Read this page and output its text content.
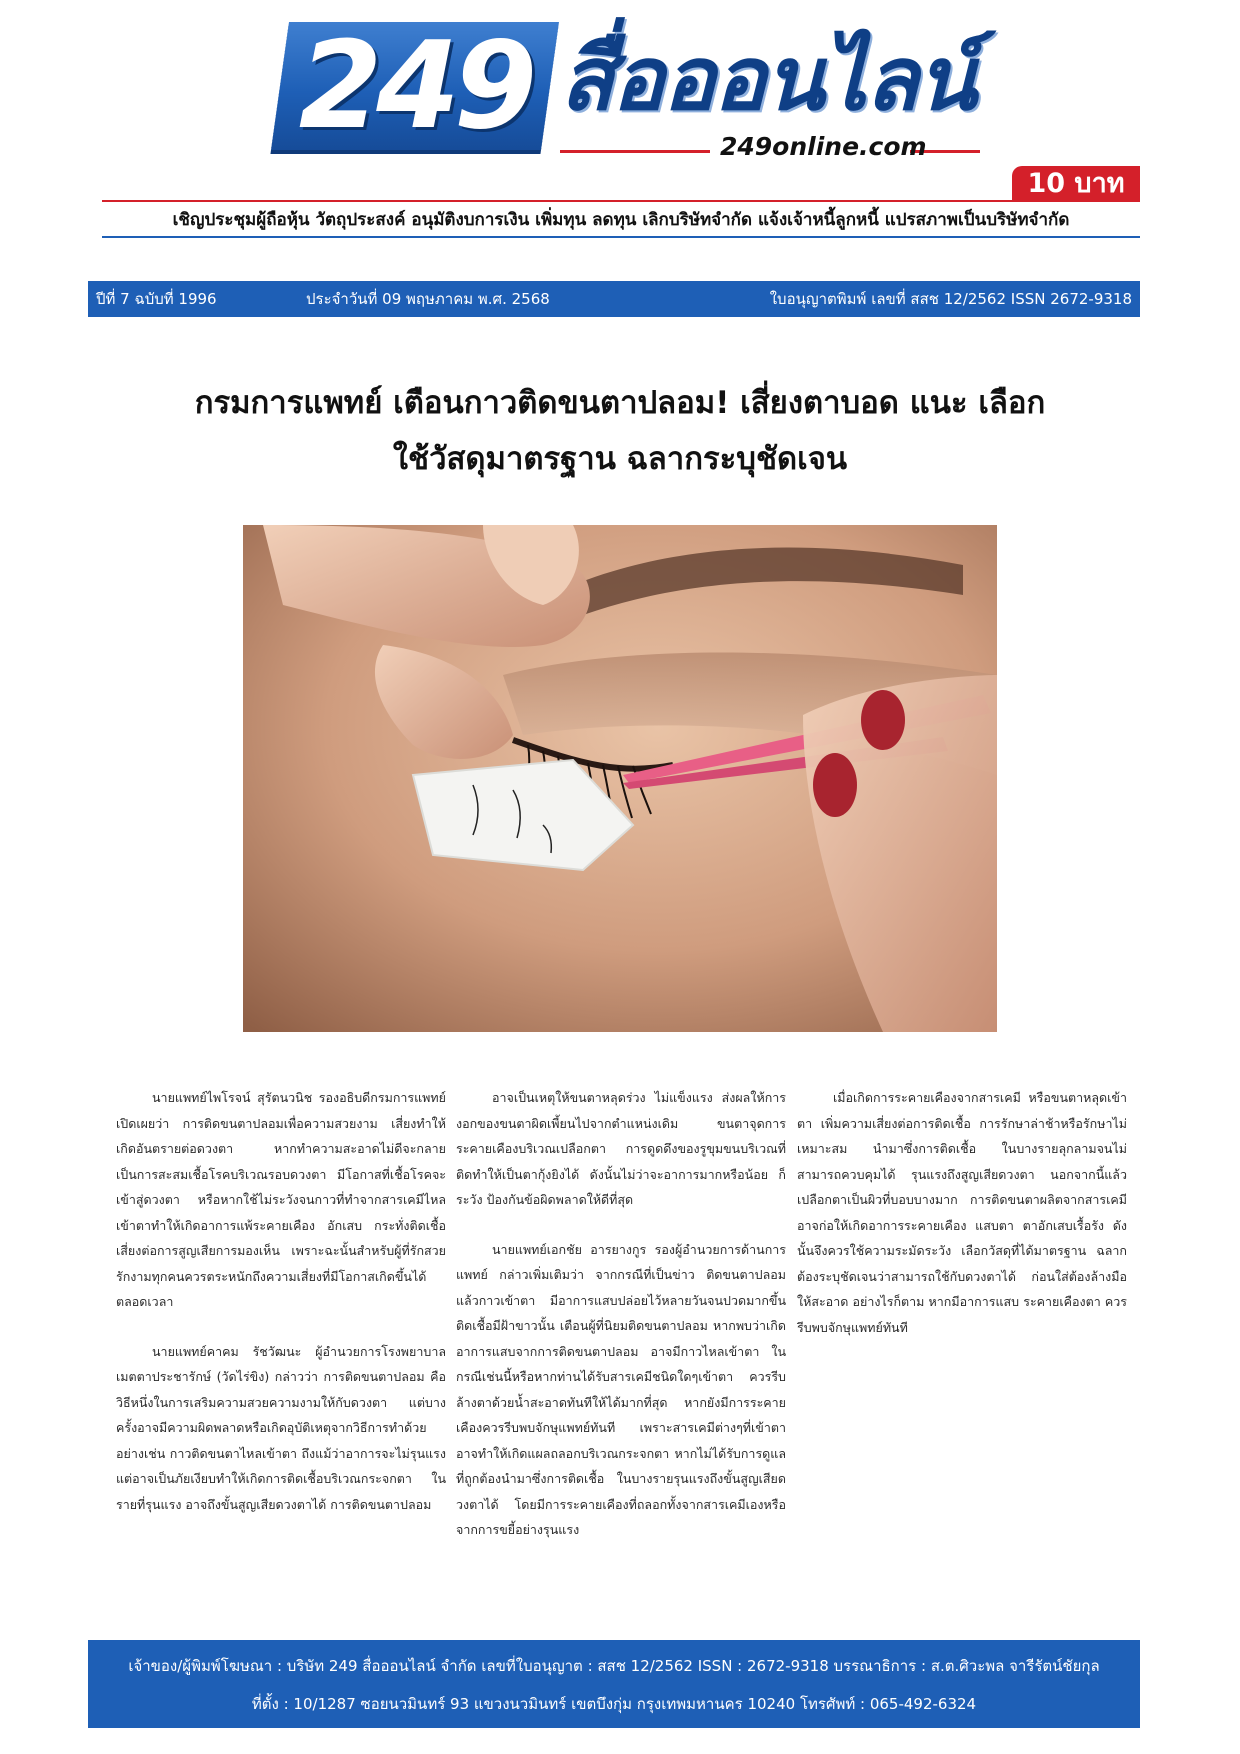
249 สื่อออนไลน์
249online.com
10 บาท
เชิญประชุมผู้ถือหุ้น วัตถุประสงค์ อนุมัติงบการเงิน เพิ่มทุน ลดทุน เลิกบริษัทจำกัด แจ้งเจ้าหนี้ลูกหนี้ แปรสภาพเป็นบริษัทจำกัด
ปีที่ 7 ฉบับที่ 1996	ประจำวันที่ 09 พฤษภาคม พ.ศ. 2568	ใบอนุญาตพิมพ์ เลขที่ สสช 12/2562 ISSN 2672-9318
กรมการแพทย์ เตือนกาวติดขนตาปลอม! เสี่ยงตาบอด แนะ เลือก
ใช้วัสดุมาตรฐาน ฉลากระบุชัดเจน

นายแพทย์ไพโรจน์ สุรัตนวนิช รองอธิบดีกรมการแพทย์ เปิดเผยว่า การติดขนตาปลอมเพื่อความสวยงาม เสี่ยงทำให้เกิดอันตรายต่อดวงตา หากทำความสะอาดไม่ดีจะกลายเป็นการสะสมเชื้อโรคบริเวณรอบดวงตา มีโอกาสที่เชื้อโรคจะเข้าสู่ดวงตา หรือหากใช้ไม่ระวังจนกาวที่ทำจากสารเคมีไหลเข้าตาทำให้เกิดอาการแพ้ระคายเคือง อักเสบ กระทั่งติดเชื้อ เสี่ยงต่อการสูญเสียการมองเห็น เพราะฉะนั้นสำหรับผู้ที่รักสวยรักงามทุกคนควรตระหนักถึงความเสี่ยงที่มีโอกาสเกิดขึ้นได้ตลอดเวลา

นายแพทย์คาคม รัชวัฒนะ ผู้อำนวยการโรงพยาบาลเมตตาประชารักษ์ (วัดไร่ขิง) กล่าวว่า การติดขนตาปลอม คือวิธีหนึ่งในการเสริมความสวยความงามให้กับดวงตา แต่บางครั้งอาจมีความผิดพลาดหรือเกิดอุบัติเหตุจากวิธีการทำด้วยอย่างเช่น กาวติดขนตาไหลเข้าตา ถึงแม้ว่าอาการจะไม่รุนแรง แต่อาจเป็นภัยเงียบทำให้เกิดการติดเชื้อบริเวณกระจกตา ในรายที่รุนแรง อาจถึงขั้นสูญเสียดวงตาได้ การติดขนตาปลอม

อาจเป็นเหตุให้ขนตาหลุดร่วง ไม่แข็งแรง ส่งผลให้การงอกของขนตาผิดเพี้ยนไปจากตำแหน่งเดิม ขนตาจุดการระคายเคืองบริเวณเปลือกตา การดูดดึงของรูขุมขนบริเวณที่ติดทำให้เป็นตากุ้งยิงได้ ดังนั้นไม่ว่าจะอาการมากหรือน้อย ก็ระวัง ป้องกันข้อผิดพลาดให้ดีที่สุด

นายแพทย์เอกชัย อารยางกูร รองผู้อำนวยการด้านการแพทย์ กล่าวเพิ่มเติมว่า จากกรณีที่เป็นข่าว ติดขนตาปลอมแล้วกาวเข้าตา มีอาการแสบปล่อยไว้หลายวันจนปวดมากขึ้น ติดเชื้อมีฝ้าขาวนั้น เตือนผู้ที่นิยมติดขนตาปลอม หากพบว่าเกิดอาการแสบจากการติดขนตาปลอม อาจมีกาวไหลเข้าตา ในกรณีเช่นนี้หรือหากท่านได้รับสารเคมีชนิดใดๆเข้าตา ควรรีบล้างตาด้วยน้ำสะอาดทันทีให้ได้มากที่สุด หากยังมีการระคายเคืองควรรีบพบจักษุแพทย์ทันที เพราะสารเคมีต่างๆที่เข้าตา อาจทำให้เกิดแผลถลอกบริเวณกระจกตา หากไม่ได้รับการดูแลที่ถูกต้องนำมาซึ่งการติดเชื้อ ในบางรายรุนแรงถึงขั้นสูญเสียดวงตาได้ โดยมีการระคายเคืองที่ถลอกทั้งจากสารเคมีเองหรือจากการขยี้อย่างรุนแรง

เมื่อเกิดการระคายเคืองจากสารเคมี หรือขนตาหลุดเข้าตา เพิ่มความเสี่ยงต่อการติดเชื้อ การรักษาล่าช้าหรือรักษาไม่เหมาะสม นำมาซึ่งการติดเชื้อ ในบางรายลุกลามจนไม่สามารถควบคุมได้ รุนแรงถึงสูญเสียดวงตา นอกจากนี้แล้วเปลือกตาเป็นผิวที่บอบบางมาก การติดขนตาผลิตจากสารเคมีอาจก่อให้เกิดอาการระคายเคือง แสบตา ตาอักเสบเรื้อรัง ดังนั้นจึงควรใช้ความระมัดระวัง เลือกวัสดุที่ได้มาตรฐาน ฉลากต้องระบุชัดเจนว่าสามารถใช้กับดวงตาได้ ก่อนใส่ต้องล้างมือให้สะอาด อย่างไรก็ตาม หากมีอาการแสบ ระคายเคืองตา ควรรีบพบจักษุแพทย์ทันที

เจ้าของ/ผู้พิมพ์โฆษณา : บริษัท 249 สื่อออนไลน์ จำกัด เลขที่ใบอนุญาต : สสช 12/2562 ISSN : 2672-9318 บรรณาธิการ : ส.ต.ศิวะพล จารีรัตน์ชัยกุล
ที่ตั้ง : 10/1287 ซอยนวมินทร์ 93 แขวงนวมินทร์ เขตบึงกุ่ม กรุงเทพมหานคร 10240 โทรศัพท์ : 065-492-6324
